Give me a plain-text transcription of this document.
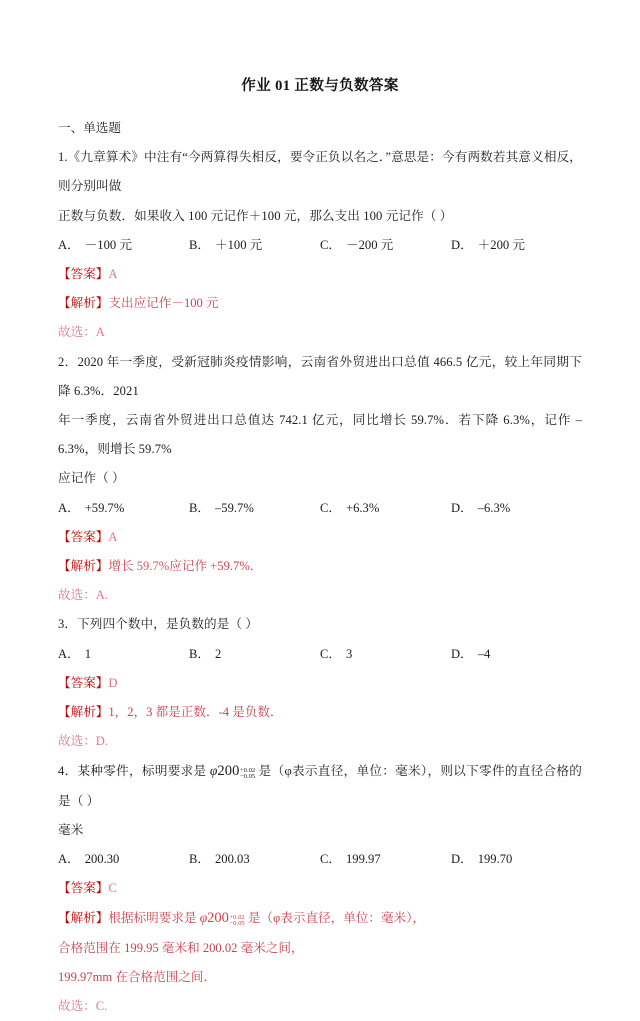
作业 01 正数与负数答案
一、单选题
1.《九章算术》中注有“今两算得失相反，要令正负以名之．”意思是：今有两数若其意义相反，则分别叫做
正数与负数．如果收入 100 元记作＋100 元，那么支出 100 元记作（ ）
A． －100 元	B． ＋100 元	C． －200 元	D． ＋200 元
【答案】A
【解析】支出应记作－100 元
故选：A
2．2020 年一季度，受新冠肺炎疫情影响，云南省外贸进出口总值 466.5 亿元，较上年同期下降 6.3%．2021
年一季度，云南省外贸进出口总值达 742.1 亿元，同比增长 59.7%．若下降 6.3%，记作 –6.3%，则增长 59.7%
应记作（ ）
A． +59.7%	B． –59.7%	C． +6.3%	D． –6.3%
【答案】A
【解析】增长 59.7%应记作 +59.7%．
故选：A.
3．下列四个数中，是负数的是（ ）
A． 1	B． 2	C． 3	D． –4
【答案】D
【解析】1，2，3 都是正数．-4 是负数．
故选：D.
4．某种零件，标明要求是 φ200 +0.02
−0.05 是（φ表示直径，单位：毫米），则以下零件的直径合格的是（ ）
毫米
A． 200.30	B． 200.03	C． 199.97	D． 199.70
【答案】C
【解析】根据标明要求是 φ200 +0.02
−0.05 是（φ表示直径，单位：毫米），
合格范围在 199.95 毫米和 200.02 毫米之间，
199.97mm 在合格范围之间．
故选：C.
